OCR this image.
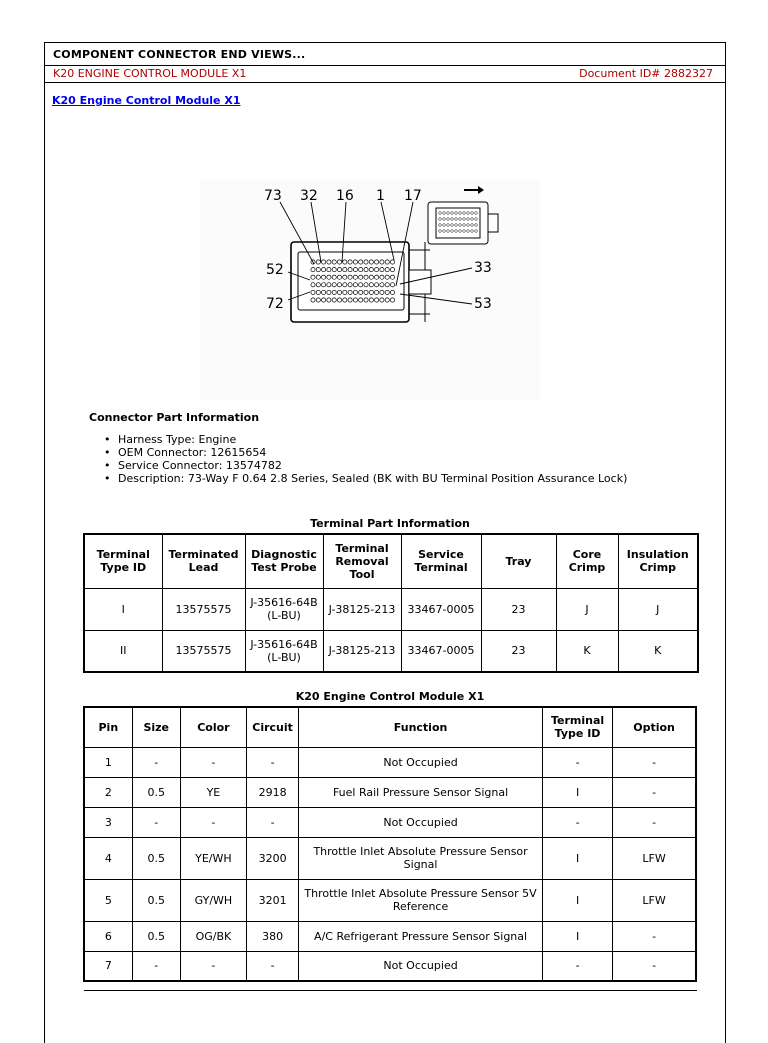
COMPONENT CONNECTOR END VIEWS...
K20 ENGINE CONTROL MODULE X1	Document ID# 2882327
K20 Engine Control Module X1
73 32 16 1 17
52
72
33
53
Connector Part Information
• Harness Type: Engine
• OEM Connector: 12615654
• Service Connector: 13574782
• Description: 73-Way F 0.64 2.8 Series, Sealed (BK with BU Terminal Position Assurance Lock)
Terminal Part Information
Terminal Type ID	Terminated Lead	Diagnostic Test Probe	Terminal Removal Tool	Service Terminal	Tray	Core Crimp	Insulation Crimp
I	13575575	J-35616-64B (L-BU)	J-38125-213	33467-0005	23	J	J
II	13575575	J-35616-64B (L-BU)	J-38125-213	33467-0005	23	K	K
K20 Engine Control Module X1
Pin	Size	Color	Circuit	Function	Terminal Type ID	Option
1	-	-	-	Not Occupied	-	-
2	0.5	YE	2918	Fuel Rail Pressure Sensor Signal	I	-
3	-	-	-	Not Occupied	-	-
4	0.5	YE/WH	3200	Throttle Inlet Absolute Pressure Sensor Signal	I	LFW
5	0.5	GY/WH	3201	Throttle Inlet Absolute Pressure Sensor 5V Reference	I	LFW
6	0.5	OG/BK	380	A/C Refrigerant Pressure Sensor Signal	I	-
7	-	-	-	Not Occupied	-	-
